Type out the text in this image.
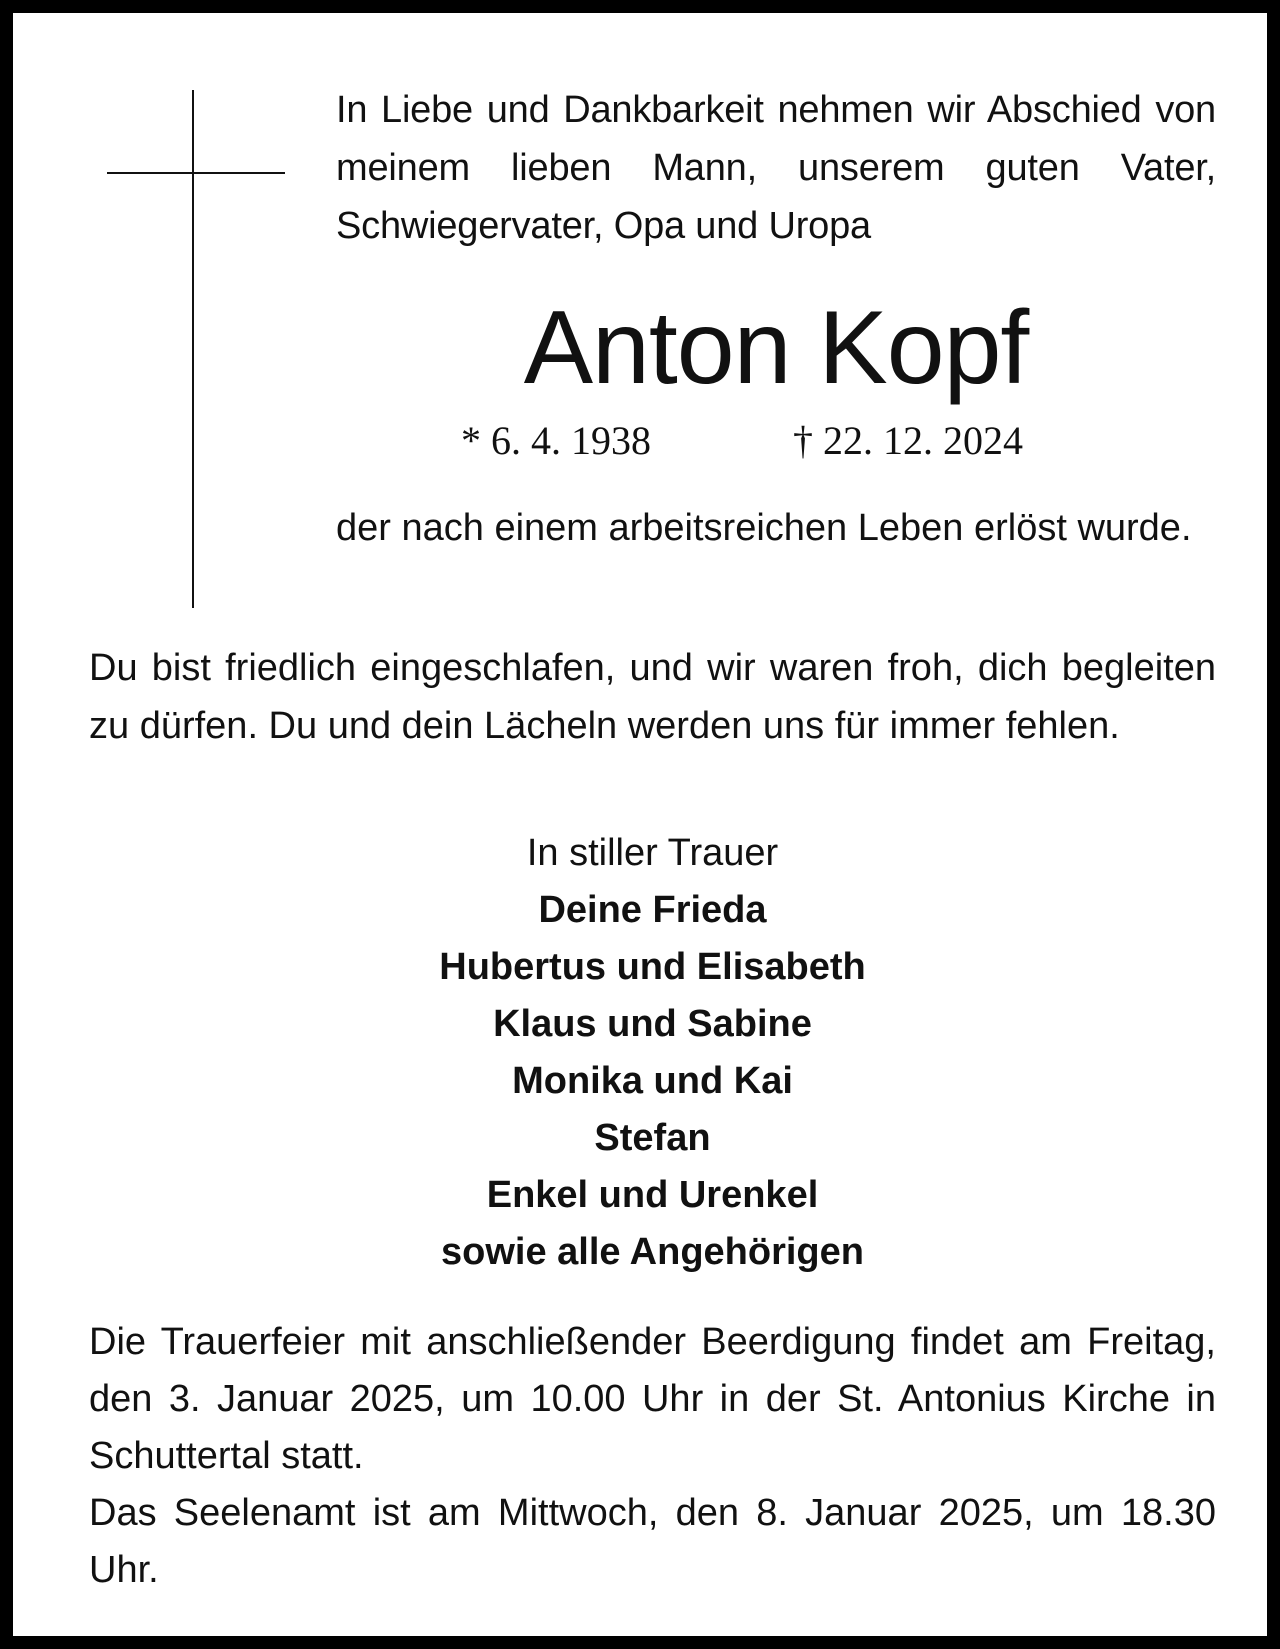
In Liebe und Dankbarkeit nehmen wir Abschied von meinem lieben Mann, unserem guten Vater, Schwiegervater, Opa und Uropa

Anton Kopf
* 6. 4. 1938	† 22. 12. 2024

der nach einem arbeitsreichen Leben erlöst wurde.

Du bist friedlich eingeschlafen, und wir waren froh, dich begleiten zu dürfen. Du und dein Lächeln werden uns für immer fehlen.

In stiller Trauer

Deine Frieda
Hubertus und Elisabeth
Klaus und Sabine
Monika und Kai
Stefan
Enkel und Urenkel
sowie alle Angehörigen

Die Trauerfeier mit anschließender Beerdigung findet am Freitag, den 3. Januar 2025, um 10.00 Uhr in der St. Antonius Kirche in Schuttertal statt.

Das Seelenamt ist am Mittwoch, den 8. Januar 2025, um 18.30 Uhr.
